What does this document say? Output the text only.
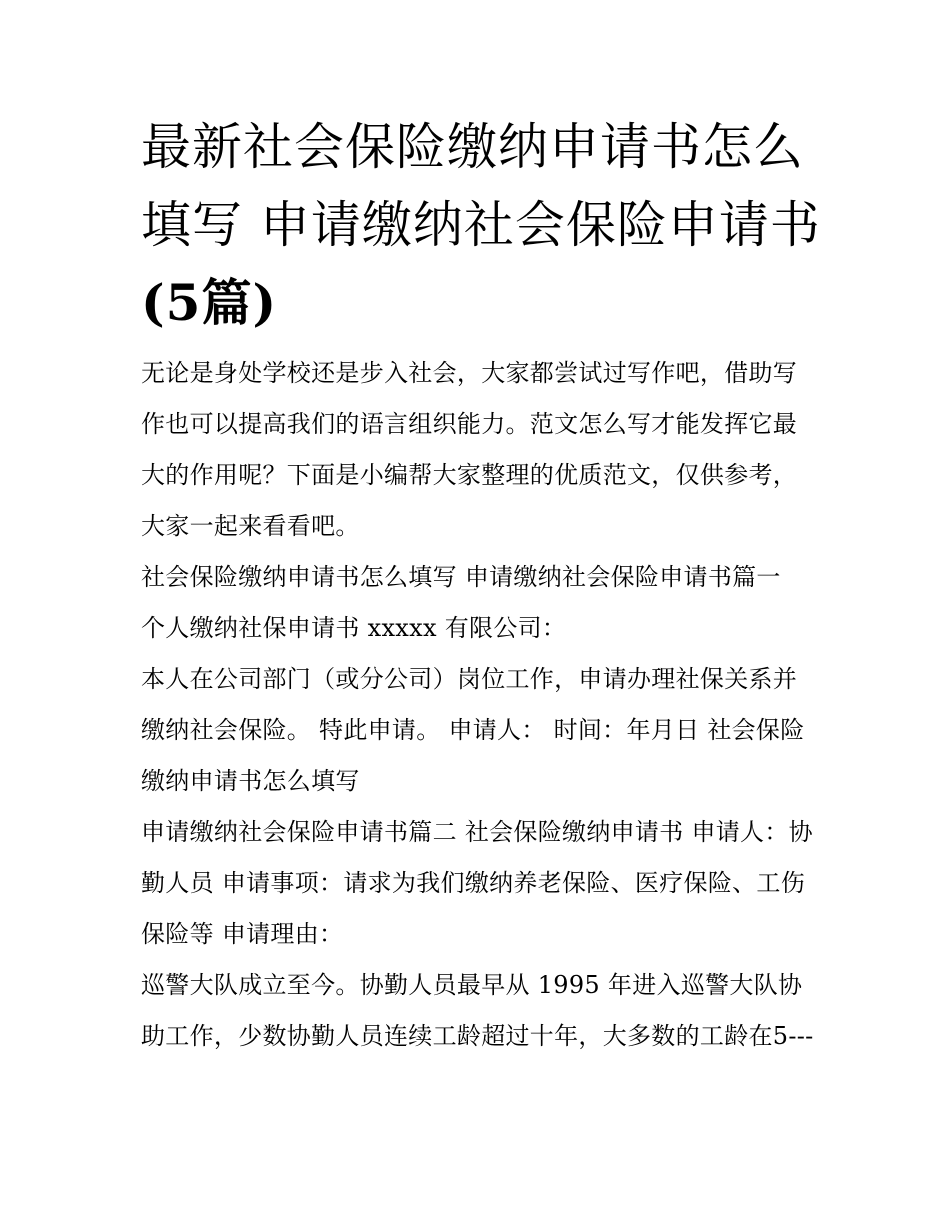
最新社会保险缴纳申请书怎么填写 申请缴纳社会保险申请书
(5篇)

无论是身处学校还是步入社会，大家都尝试过写作吧，借助写作也可以提高我们的语言组织能力。范文怎么写才能发挥它最大的作用呢？下面是小编帮大家整理的优质范文，仅供参考，大家一起来看看吧。

社会保险缴纳申请书怎么填写 申请缴纳社会保险申请书篇一

个人缴纳社保申请书 xxxxx 有限公司：

本人在公司部门（或分公司）岗位工作，申请办理社保关系并缴纳社会保险。 特此申请。 申请人： 时间：年月日 社会保险缴纳申请书怎么填写

申请缴纳社会保险申请书篇二 社会保险缴纳申请书 申请人：协勤人员 申请事项：请求为我们缴纳养老保险、医疗保险、工伤保险等 申请理由：

巡警大队成立至今。协勤人员最早从 1995 年进入巡警大队协助工作，少数协勤人员连续工龄超过十年，大多数的工龄在5---
